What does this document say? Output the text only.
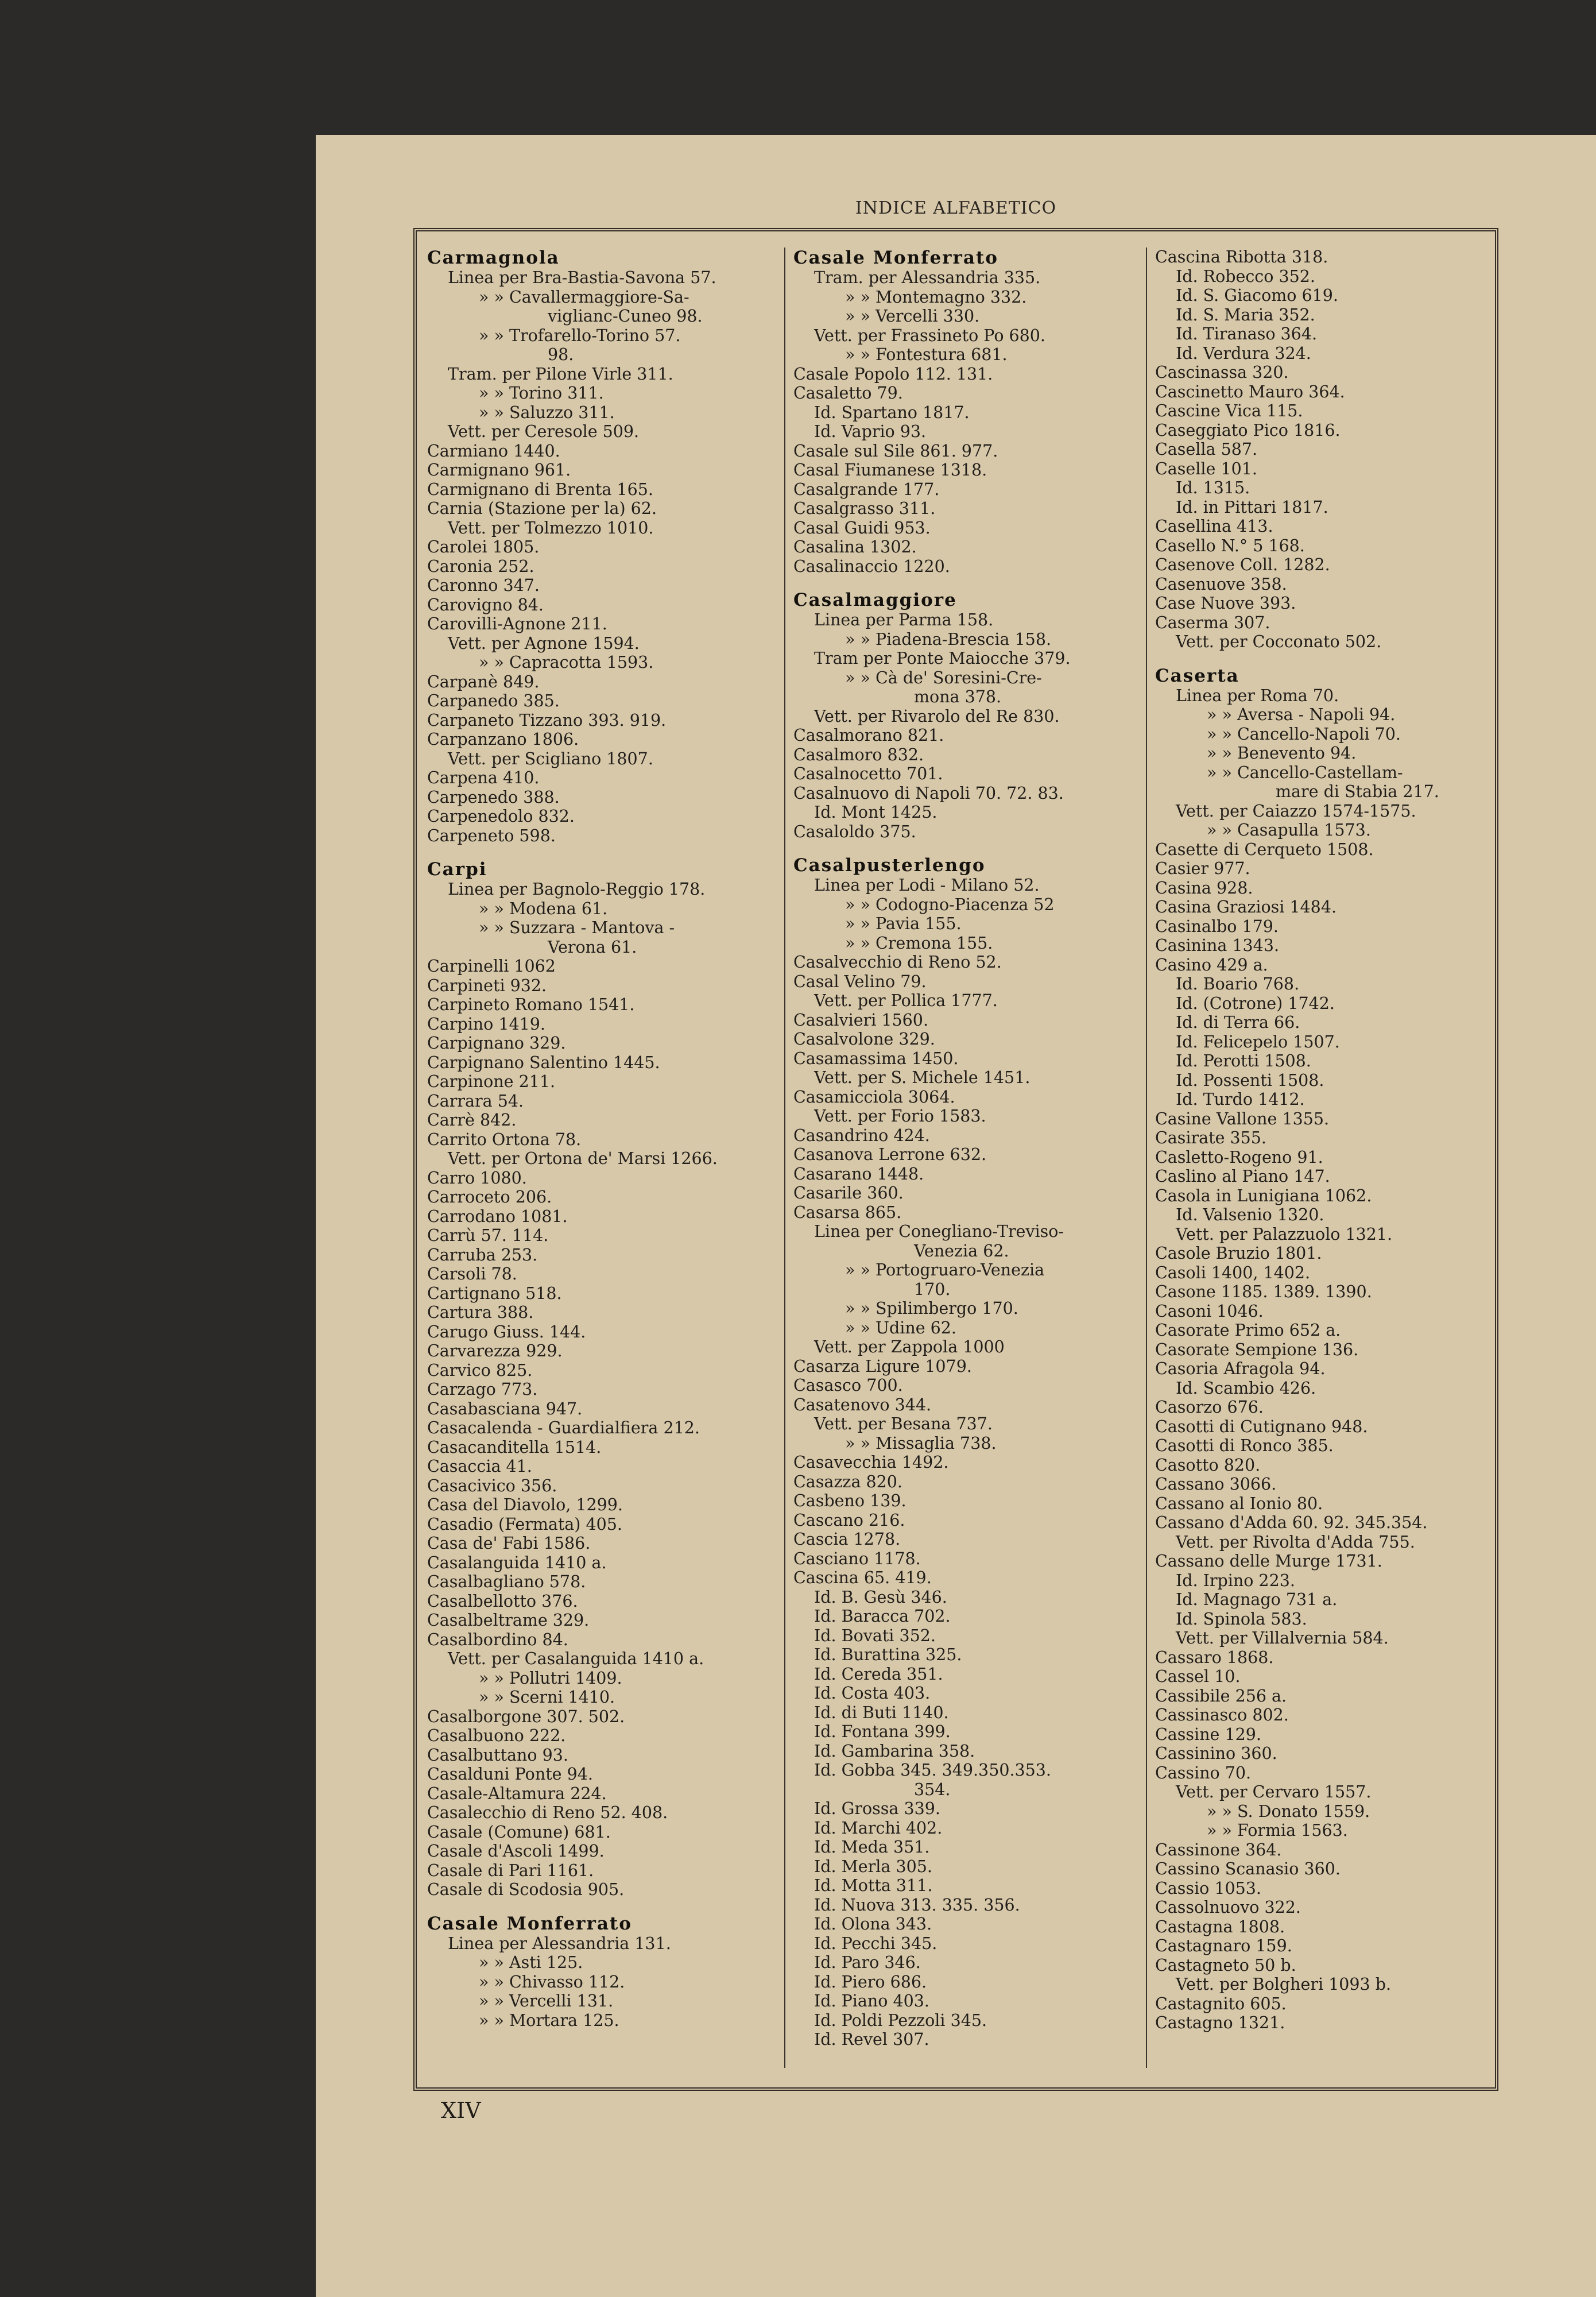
INDICE ALFABETICO
Carmagnola
Linea per Bra-Bastia-Savona 57.
» » Cavallermaggiore-Sa-
viglianc-Cuneo 98.
» » Trofarello-Torino 57.
98.
Tram. per Pilone Virle 311.
» » Torino 311.
» » Saluzzo 311.
Vett. per Ceresole 509.
Carmiano 1440.
Carmignano 961.
Carmignano di Brenta 165.
Carnia (Stazione per la) 62.
Vett. per Tolmezzo 1010.
Carolei 1805.
Caronia 252.
Caronno 347.
Carovigno 84.
Carovilli-Agnone 211.
Vett. per Agnone 1594.
» » Capracotta 1593.
Carpanè 849.
Carpanedo 385.
Carpaneto Tizzano 393. 919.
Carpanzano 1806.
Vett. per Scigliano 1807.
Carpena 410.
Carpenedo 388.
Carpenedolo 832.
Carpeneto 598.
Carpi
Linea per Bagnolo-Reggio 178.
» » Modena 61.
» » Suzzara - Mantova -
Verona 61.
Carpinelli 1062
Carpineti 932.
Carpineto Romano 1541.
Carpino 1419.
Carpignano 329.
Carpignano Salentino 1445.
Carpinone 211.
Carrara 54.
Carrè 842.
Carrito Ortona 78.
Vett. per Ortona de' Marsi 1266.
Carro 1080.
Carroceto 206.
Carrodano 1081.
Carrù 57. 114.
Carruba 253.
Carsoli 78.
Cartignano 518.
Cartura 388.
Carugo Giuss. 144.
Carvarezza 929.
Carvico 825.
Carzago 773.
Casabasciana 947.
Casacalenda - Guardialfiera 212.
Casacanditella 1514.
Casaccia 41.
Casacivico 356.
Casa del Diavolo, 1299.
Casadio (Fermata) 405.
Casa de' Fabi 1586.
Casalanguida 1410 a.
Casalbagliano 578.
Casalbellotto 376.
Casalbeltrame 329.
Casalbordino 84.
Vett. per Casalanguida 1410 a.
» » Pollutri 1409.
» » Scerni 1410.
Casalborgone 307. 502.
Casalbuono 222.
Casalbuttano 93.
Casalduni Ponte 94.
Casale-Altamura 224.
Casalecchio di Reno 52. 408.
Casale (Comune) 681.
Casale d'Ascoli 1499.
Casale di Pari 1161.
Casale di Scodosia 905.
Casale Monferrato
Linea per Alessandria 131.
» » Asti 125.
» » Chivasso 112.
» » Vercelli 131.
» » Mortara 125.
Casale Monferrato
Tram. per Alessandria 335.
» » Montemagno 332.
» » Vercelli 330.
Vett. per Frassineto Po 680.
» » Fontestura 681.
Casale Popolo 112. 131.
Casaletto 79.
Id. Spartano 1817.
Id. Vaprio 93.
Casale sul Sile 861. 977.
Casal Fiumanese 1318.
Casalgrande 177.
Casalgrasso 311.
Casal Guidi 953.
Casalina 1302.
Casalinaccio 1220.
Casalmaggiore
Linea per Parma 158.
» » Piadena-Brescia 158.
Tram per Ponte Maiocche 379.
» » Cà de' Soresini-Cre-
mona 378.
Vett. per Rivarolo del Re 830.
Casalmorano 821.
Casalmoro 832.
Casalnocetto 701.
Casalnuovo di Napoli 70. 72. 83.
Id. Mont 1425.
Casaloldo 375.
Casalpusterlengo
Linea per Lodi - Milano 52.
» » Codogno-Piacenza 52
» » Pavia 155.
» » Cremona 155.
Casalvecchio di Reno 52.
Casal Velino 79.
Vett. per Pollica 1777.
Casalvieri 1560.
Casalvolone 329.
Casamassima 1450.
Vett. per S. Michele 1451.
Casamicciola 3064.
Vett. per Forio 1583.
Casandrino 424.
Casanova Lerrone 632.
Casarano 1448.
Casarile 360.
Casarsa 865.
Linea per Conegliano-Treviso-
Venezia 62.
» » Portogruaro-Venezia
170.
» » Spilimbergo 170.
» » Udine 62.
Vett. per Zappola 1000
Casarza Ligure 1079.
Casasco 700.
Casatenovo 344.
Vett. per Besana 737.
» » Missaglia 738.
Casavecchia 1492.
Casazza 820.
Casbeno 139.
Cascano 216.
Cascia 1278.
Casciano 1178.
Cascina 65. 419.
Id. B. Gesù 346.
Id. Baracca 702.
Id. Bovati 352.
Id. Burattina 325.
Id. Cereda 351.
Id. Costa 403.
Id. di Buti 1140.
Id. Fontana 399.
Id. Gambarina 358.
Id. Gobba 345. 349.350.353.
354.
Id. Grossa 339.
Id. Marchi 402.
Id. Meda 351.
Id. Merla 305.
Id. Motta 311.
Id. Nuova 313. 335. 356.
Id. Olona 343.
Id. Pecchi 345.
Id. Paro 346.
Id. Piero 686.
Id. Piano 403.
Id. Poldi Pezzoli 345.
Id. Revel 307.
Cascina Ribotta 318.
Id. Robecco 352.
Id. S. Giacomo 619.
Id. S. Maria 352.
Id. Tiranaso 364.
Id. Verdura 324.
Cascinassa 320.
Cascinetto Mauro 364.
Cascine Vica 115.
Caseggiato Pico 1816.
Casella 587.
Caselle 101.
Id. 1315.
Id. in Pittari 1817.
Casellina 413.
Casello N.° 5 168.
Casenove Coll. 1282.
Casenuove 358.
Case Nuove 393.
Caserma 307.
Vett. per Cocconato 502.
Caserta
Linea per Roma 70.
» » Aversa - Napoli 94.
» » Cancello-Napoli 70.
» » Benevento 94.
» » Cancello-Castellam-
mare di Stabia 217.
Vett. per Caiazzo 1574-1575.
» » Casapulla 1573.
Casette di Cerqueto 1508.
Casier 977.
Casina 928.
Casina Graziosi 1484.
Casinalbo 179.
Casinina 1343.
Casino 429 a.
Id. Boario 768.
Id. (Cotrone) 1742.
Id. di Terra 66.
Id. Felicepelo 1507.
Id. Perotti 1508.
Id. Possenti 1508.
Id. Turdo 1412.
Casine Vallone 1355.
Casirate 355.
Casletto-Rogeno 91.
Caslino al Piano 147.
Casola in Lunigiana 1062.
Id. Valsenio 1320.
Vett. per Palazzuolo 1321.
Casole Bruzio 1801.
Casoli 1400, 1402.
Casone 1185. 1389. 1390.
Casoni 1046.
Casorate Primo 652 a.
Casorate Sempione 136.
Casoria Afragola 94.
Id. Scambio 426.
Casorzo 676.
Casotti di Cutignano 948.
Casotti di Ronco 385.
Casotto 820.
Cassano 3066.
Cassano al Ionio 80.
Cassano d'Adda 60. 92. 345.354.
Vett. per Rivolta d'Adda 755.
Cassano delle Murge 1731.
Id. Irpino 223.
Id. Magnago 731 a.
Id. Spinola 583.
Vett. per Villalvernia 584.
Cassaro 1868.
Cassel 10.
Cassibile 256 a.
Cassinasco 802.
Cassine 129.
Cassinino 360.
Cassino 70.
Vett. per Cervaro 1557.
» » S. Donato 1559.
» » Formia 1563.
Cassinone 364.
Cassino Scanasio 360.
Cassio 1053.
Cassolnuovo 322.
Castagna 1808.
Castagnaro 159.
Castagneto 50 b.
Vett. per Bolgheri 1093 b.
Castagnito 605.
Castagno 1321.
XIV
